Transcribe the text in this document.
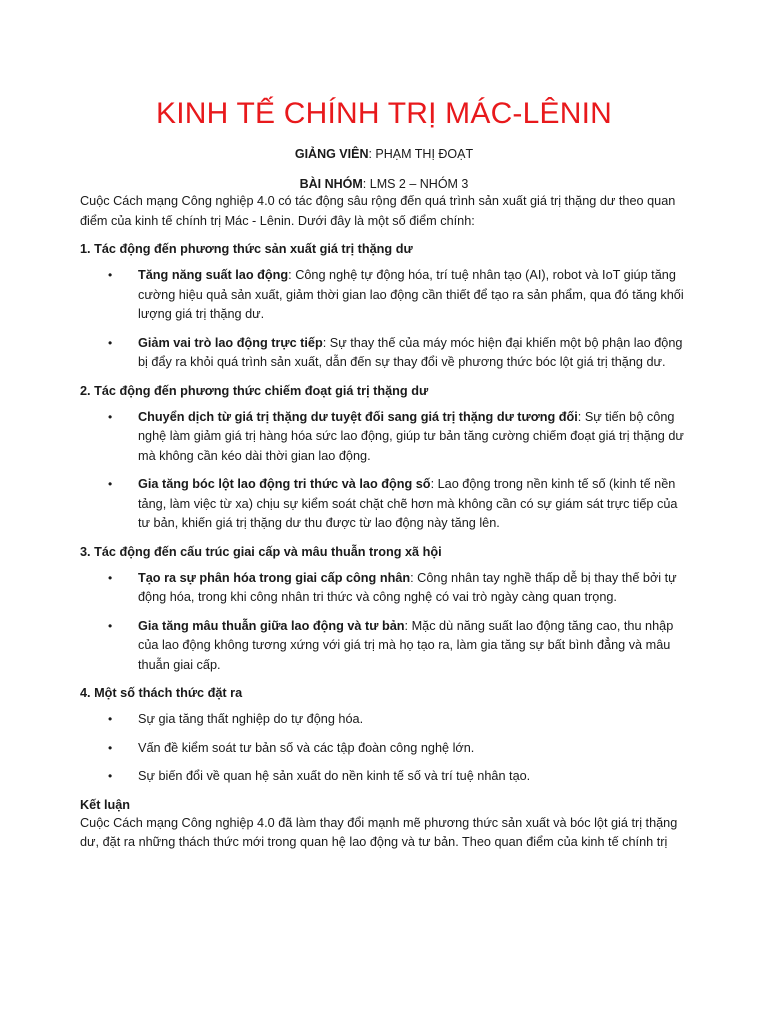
KINH TẾ CHÍNH TRỊ MÁC-LÊNIN

GIẢNG VIÊN: PHẠM THỊ ĐOẠT

BÀI NHÓM: LMS 2 – NHÓM 3

Cuộc Cách mạng Công nghiệp 4.0 có tác động sâu rộng đến quá trình sản xuất giá trị thặng dư theo quan điểm của kinh tế chính trị Mác - Lênin. Dưới đây là một số điểm chính:

1. Tác động đến phương thức sản xuất giá trị thặng dư
• Tăng năng suất lao động: Công nghệ tự động hóa, trí tuệ nhân tạo (AI), robot và IoT giúp tăng cường hiệu quả sản xuất, giảm thời gian lao động cần thiết để tạo ra sản phẩm, qua đó tăng khối lượng giá trị thặng dư.
• Giảm vai trò lao động trực tiếp: Sự thay thế của máy móc hiện đại khiến một bộ phận lao động bị đẩy ra khỏi quá trình sản xuất, dẫn đến sự thay đổi về phương thức bóc lột giá trị thặng dư.
2. Tác động đến phương thức chiếm đoạt giá trị thặng dư
• Chuyển dịch từ giá trị thặng dư tuyệt đối sang giá trị thặng dư tương đối: Sự tiến bộ công nghệ làm giảm giá trị hàng hóa sức lao động, giúp tư bản tăng cường chiếm đoạt giá trị thặng dư mà không cần kéo dài thời gian lao động.
• Gia tăng bóc lột lao động tri thức và lao động số: Lao động trong nền kinh tế số (kinh tế nền tảng, làm việc từ xa) chịu sự kiểm soát chặt chẽ hơn mà không cần có sự giám sát trực tiếp của tư bản, khiến giá trị thặng dư thu được từ lao động này tăng lên.
3. Tác động đến cấu trúc giai cấp và mâu thuẫn trong xã hội
• Tạo ra sự phân hóa trong giai cấp công nhân: Công nhân tay nghề thấp dễ bị thay thế bởi tự động hóa, trong khi công nhân tri thức và công nghệ có vai trò ngày càng quan trọng.
• Gia tăng mâu thuẫn giữa lao động và tư bản: Mặc dù năng suất lao động tăng cao, thu nhập của lao động không tương xứng với giá trị mà họ tạo ra, làm gia tăng sự bất bình đẳng và mâu thuẫn giai cấp.
4. Một số thách thức đặt ra
• Sự gia tăng thất nghiệp do tự động hóa.
• Vấn đề kiểm soát tư bản số và các tập đoàn công nghệ lớn.
• Sự biến đổi về quan hệ sản xuất do nền kinh tế số và trí tuệ nhân tạo.
Kết luận

Cuộc Cách mạng Công nghiệp 4.0 đã làm thay đổi mạnh mẽ phương thức sản xuất và bóc lột giá trị thặng dư, đặt ra những thách thức mới trong quan hệ lao động và tư bản. Theo quan điểm của kinh tế chính trị
